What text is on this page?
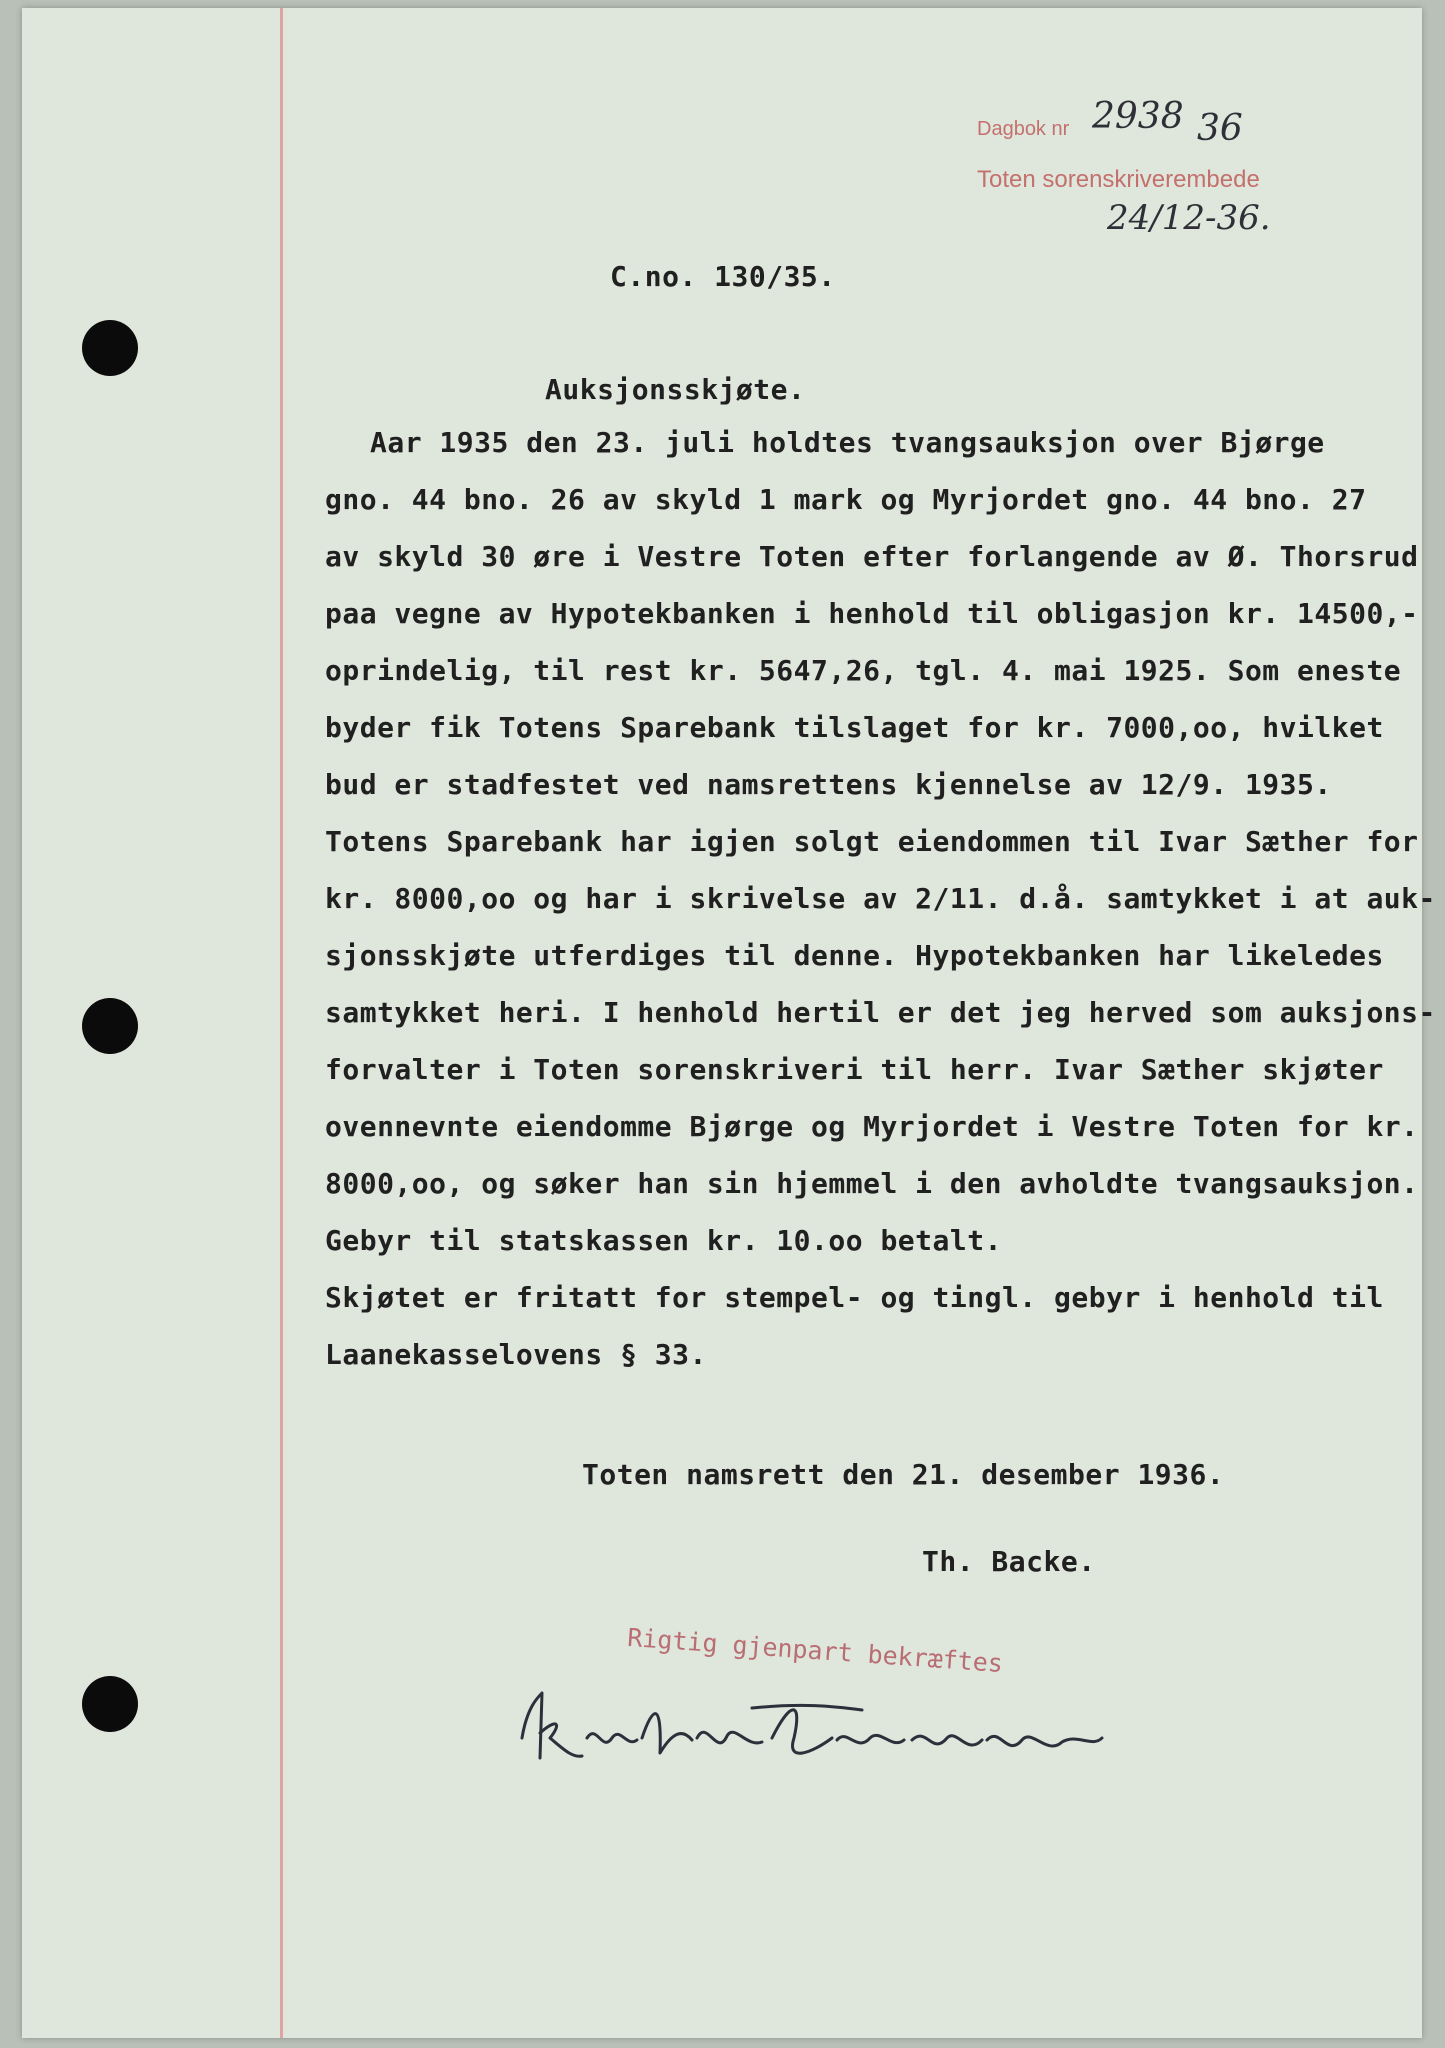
Dagbok nr 2938 36
Toten sorenskriverembede
24/12-36.
C.no. 130/35.
Auksjonsskjøte.
Aar 1935 den 23. juli holdtes tvangsauksjon over Bjørge
gno. 44 bno. 26 av skyld 1 mark og Myrjordet gno. 44 bno. 27
av skyld 30 øre i Vestre Toten efter forlangende av Ø. Thorsrud
paa vegne av Hypotekbanken i henhold til obligasjon kr. 14500,-
oprindelig, til rest kr. 5647,26, tgl. 4. mai 1925. Som eneste
byder fik Totens Sparebank tilslaget for kr. 7000,oo, hvilket
bud er stadfestet ved namsrettens kjennelse av 12/9. 1935.
Totens Sparebank har igjen solgt eiendommen til Ivar Sæther for
kr. 8000,oo og har i skrivelse av 2/11. d.å. samtykket i at auk-
sjonsskjøte utferdiges til denne. Hypotekbanken har likeledes
samtykket heri. I henhold hertil er det jeg herved som auksjons-
forvalter i Toten sorenskriveri til herr. Ivar Sæther skjøter
ovennevnte eiendomme Bjørge og Myrjordet i Vestre Toten for kr.
8000,oo, og søker han sin hjemmel i den avholdte tvangsauksjon.
Gebyr til statskassen kr. 10.oo betalt.
Skjøtet er fritatt for stempel- og tingl. gebyr i henhold til
Laanekasselovens § 33.
Toten namsrett den 21. desember 1936.
Th. Backe.
Rigtig gjenpart bekræftes
